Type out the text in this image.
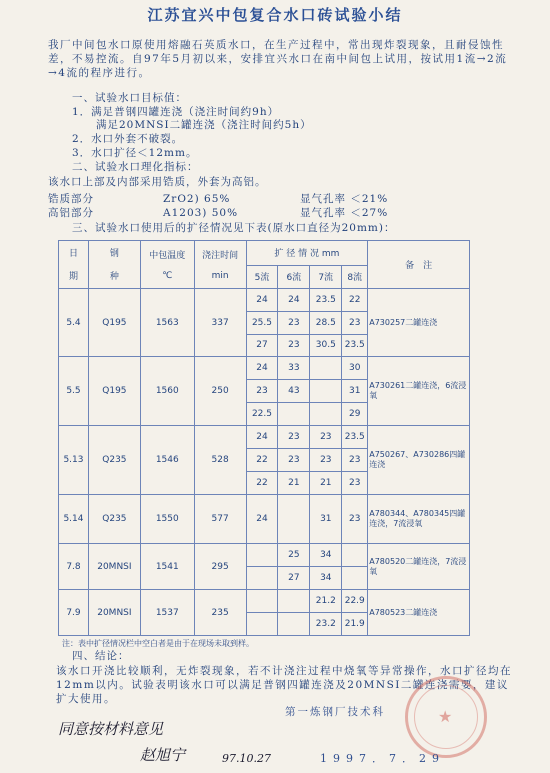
江苏宜兴中包复合水口砖试验小结
我厂中间包水口原使用熔融石英质水口，在生产过程中，常出现炸裂现象，且耐侵蚀性差，不易控流。自97年5月初以来，安排宜兴水口在南中间包上试用，按试用1流→2流→4流的程序进行。
一、试验水口目标值：
1．满足普钢四罐连浇（浇注时间约9h）
满足20MNSI二罐连浇（浇注时间约5h）
2．水口外套不破裂。
3．水口扩径＜12mm。
二、试验水口理化指标：
该水口上部及内部采用锆质，外套为高铝。
锆质部分	ZrO2) 65%	显气孔率 ＜21%
高铝部分	A1203) 50%	显气孔率 ＜27%
三、试验水口使用后的扩径情况见下表(原水口直径为20mm)：
日

期	钢

种	中包温度

℃	浇注时间

min	扩 径 情 况 mm				备　注
				5流	6流	7流	8流	
5.4	Q195	1563	337	24	24	23.5	22	A730257二罐连浇
				25.5	23	28.5	23	
				27	23	30.5	23.5	
5.5	Q195	1560	250	24	33		30	A730261二罐连浇，6流浸氧
				23	43		31	
				22.5			29	
5.13	Q235	1546	528	24	23	23	23.5	A750267、A730286四罐连浇
				22	23	23	23	
				22	21	21	23	
5.14	Q235	1550	577	24		31	23	A780344、A780345四罐连浇，7流浸氧
7.8	20MNSI	1541	295		25	34		A780520二罐连浇，7流浸氧
					27	34		
7.9	20MNSI	1537	235			21.2	22.9	A780523二罐连浇
						23.2	21.9	
注：表中扩径情况栏中空白者是由于在现场未取到样。
四、结论：
该水口开浇比较顺利，无炸裂现象，若不计浇注过程中烧氧等异常操作，水口扩径均在12mm以内。试验表明该水口可以满足普钢四罐连浇及20MNSI二罐连浇需要，建议扩大使用。
同意按材料意见
赵旭宁	97.10.27
第一炼钢厂技术科	★
1997．7．29
